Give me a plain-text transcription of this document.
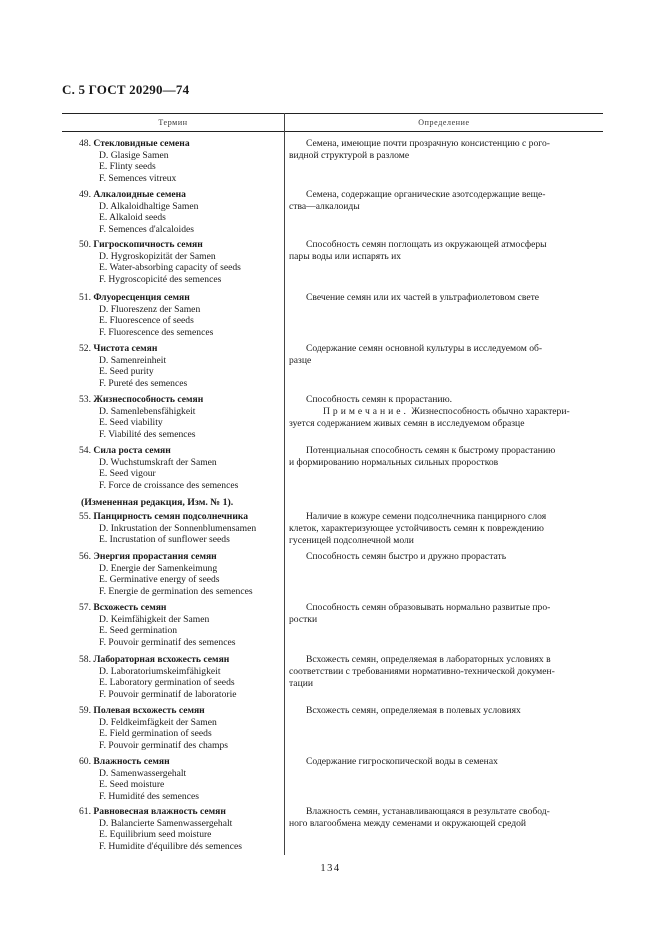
С. 5 ГОСТ 20290—74
Термин	Определение
48. Стекловидные семена
D. Glasige Samen
E. Flinty seeds
F. Semences vitreux
Семена, имеющие почти прозрачную консистенцию с рого-
видной структурой в разломе
49. Алкалоидные семена
D. Alkaloidhaltige Samen
E. Alkaloid seeds
F. Semences d'alcaloides
Семена, содержащие органические азотсодержащие веще-
ства—алкалоиды
50. Гигроскопичность семян
D. Hygroskopizität der Samen
E. Water-absorbing capacity of seeds
F. Hygroscopicité des semences
Способность семян поглощать из окружающей атмосферы
пары воды или испарять их
51. Флуоресценция семян
D. Fluoreszenz der Samen
E. Fluorescence of seeds
F. Fluorescence des semences
Свечение семян или их частей в ультрафиолетовом свете
52. Чистота семян
D. Samenreinheit
E. Seed purity
F. Pureté des semences
Содержание семян основной культуры в исследуемом об-
разце
53. Жизнеспособность семян
D. Samenlebensfähigkeit
E. Seed viability
F. Viabilité des semences
Способность семян к прорастанию.
Примечание. Жизнеспособность обычно характери-
зуется содержанием живых семян в исследуемом образце
54. Сила роста семян
D. Wuchstumskraft der Samen
E. Seed vigour
F. Force de croissance des semences
Потенциальная способность семян к быстрому прорастанию
и формированию нормальных сильных проростков
(Измененная редакция, Изм. № 1).
55. Панцирность семян подсолнечника
D. Inkrustation der Sonnenblumensamen
E. Incrustation of sunflower seeds
Наличие в кожуре семени подсолнечника панцирного слоя
клеток, характеризующее устойчивость семян к повреждению
гусеницей подсолнечной моли
56. Энергия прорастания семян
D. Energie der Samenkeimung
E. Germinative energy of seeds
F. Energie de germination des semences
Способность семян быстро и дружно прорастать
57. Всхожесть семян
D. Keimfähigkeit der Samen
E. Seed germination
F. Pouvoir germinatif des semences
Способность семян образовывать нормально развитые про-
ростки
58. Лабораторная всхожесть семян
D. Laboratoriumskeimfähigkeit
E. Laboratory germination of seeds
F. Pouvoir germinatif de laboratorie
Всхожесть семян, определяемая в лабораторных условиях в
соответствии с требованиями нормативно-технической докумен-
тации
59. Полевая всхожесть семян
D. Feldkeimfägkeit der Samen
E. Field germination of seeds
F. Pouvoir germinatif des champs
Всхожесть семян, определяемая в полевых условиях
60. Влажность семян
D. Samenwassergehalt
E. Seed moisture
F. Humidité des semences
Содержание гигроскопической воды в семенах
61. Равновесная влажность семян
D. Balancierte Samenwassergehalt
E. Equilibrium seed moisture
F. Humidite d'équilibre dés semences
Влажность семян, устанавливающаяся в результате свобод-
ного влагообмена между семенами и окружающей средой
134
